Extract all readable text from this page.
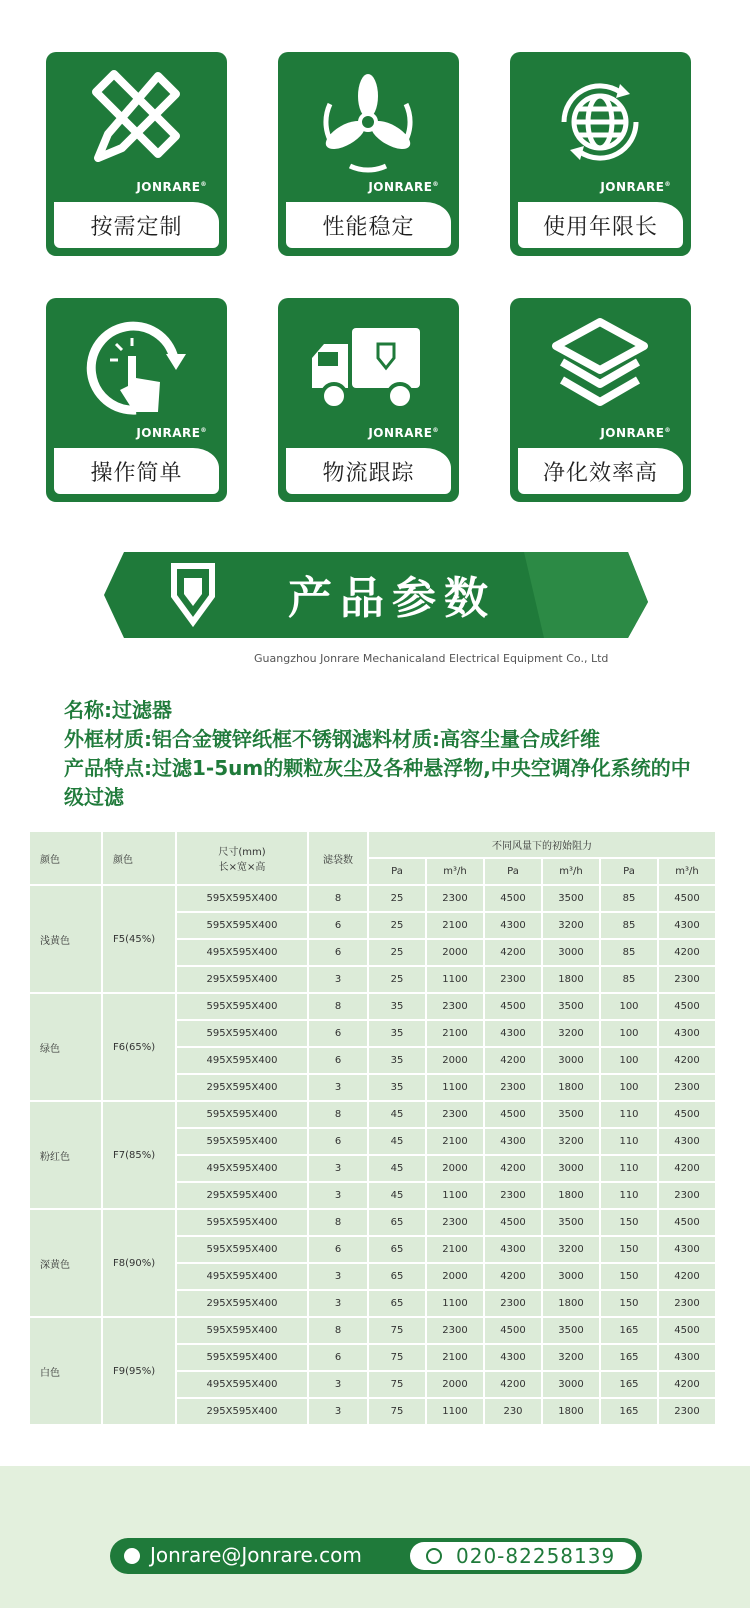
JONRARE®
按需定制
JONRARE®
性能稳定
JONRARE®
使用年限长
JONRARE®
操作简单
JONRARE®
物流跟踪
JONRARE®
净化效率高
产品参数
Guangzhou Jonrare Mechanicaland Electrical Equipment Co., Ltd
名称:过滤器
外框材质:铝合金镀锌纸框不锈钢滤料材质:高容尘量合成纤维
产品特点:过滤1-5um的颗粒灰尘及各种悬浮物,中央空调净化系统的中级过滤
颜色	颜色	尺寸(mm)
长×宽×高	滤袋数	不同风量下的初始阻力					
				Pa	m³/h	Pa	m³/h	Pa	m³/h
浅黄色	F5(45%)	595X595X400	8	25	2300	4500	3500	85	4500
		595X595X400	6	25	2100	4300	3200	85	4300
		495X595X400	6	25	2000	4200	3000	85	4200
		295X595X400	3	25	1100	2300	1800	85	2300
绿色	F6(65%)	595X595X400	8	35	2300	4500	3500	100	4500
		595X595X400	6	35	2100	4300	3200	100	4300
		495X595X400	6	35	2000	4200	3000	100	4200
		295X595X400	3	35	1100	2300	1800	100	2300
粉红色	F7(85%)	595X595X400	8	45	2300	4500	3500	110	4500
		595X595X400	6	45	2100	4300	3200	110	4300
		495X595X400	3	45	2000	4200	3000	110	4200
		295X595X400	3	45	1100	2300	1800	110	2300
深黄色	F8(90%)	595X595X400	8	65	2300	4500	3500	150	4500
		595X595X400	6	65	2100	4300	3200	150	4300
		495X595X400	3	65	2000	4200	3000	150	4200
		295X595X400	3	65	1100	2300	1800	150	2300
白色	F9(95%)	595X595X400	8	75	2300	4500	3500	165	4500
		595X595X400	6	75	2100	4300	3200	165	4300
		495X595X400	3	75	2000	4200	3000	165	4200
		295X595X400	3	75	1100	230	1800	165	2300
Jonrare@Jonrare.com	020-82258139
